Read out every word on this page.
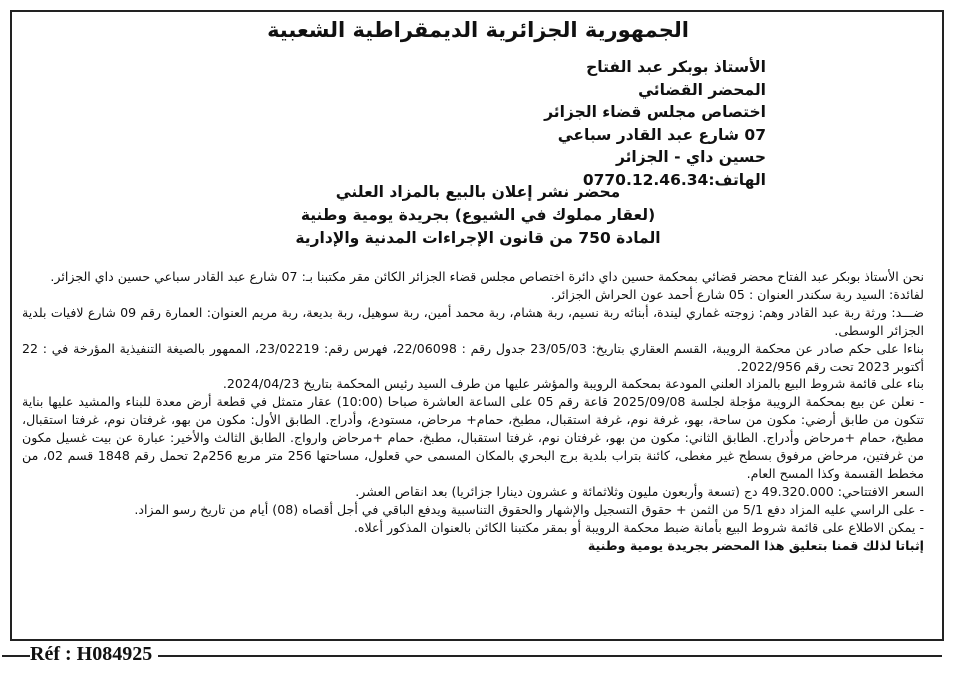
الجمهورية الجزائرية الديمقراطية الشعبية
الأستاذ بوبكر عبد الفتاح
المحضر القضائي
اختصاص مجلس قضاء الجزائر
07 شارع عبد القادر سباعي
حسين داي - الجزائر
الهاتف:0770.12.46.34
محضر نشر إعلان بالبيع بالمزاد العلني
(لعقار مملوك في الشيوع) بجريدة يومية وطنية
المادة 750 من قانون الإجراءات المدنية والإدارية

نحن الأستاذ بوبكر عبد الفتاح محضر قضائي بمحكمة حسين داي دائرة اختصاص مجلس قضاء الجزائر الكائن مقر مكتبنا بـ: 07 شارع عبد القادر سباعي حسين داي الجزائر.

لفائدة: السيد ربة سكندر العنوان : 05 شارع أحمد عون الحراش الجزائر.

ضـــد: ورثة ربة عبد القادر وهم: زوجته غماري ليندة، أبنائه ربة نسيم، ربة هشام، ربة محمد أمين، ربة سوهيل، ربة بديعة، ربة مريم العنوان: العمارة رقم 09 شارع لافيات بلدية الجزائر الوسطى.

بناءا على حكم صادر عن محكمة الرويبة، القسم العقاري بتاريخ: 23/05/03 جدول رقم : 22/06098، فهرس رقم: 23/02219، الممهور بالصيغة التنفيذية المؤرخة في : 22 أكتوبر 2023 تحت رقم 2022/956.

بناء على قائمة شروط البيع بالمزاد العلني المودعة بمحكمة الرويبة والمؤشر عليها من طرف السيد رئيس المحكمة بتاريخ 2024/04/23.

- نعلن عن بيع بمحكمة الرويبة مؤجلة لجلسة 2025/09/08 قاعة رقم 05 على الساعة العاشرة صباحا (10:00) عقار متمثل في قطعة أرض معدة للبناء والمشيد عليها بناية تتكون من طابق أرضي: مكون من ساحة، بهو، غرفة نوم، غرفة استقبال، مطبخ، حمام+ مرحاض، مستودع، وأدراج. الطابق الأول: مكون من بهو، غرفتان نوم، غرفتا استقبال، مطبخ، حمام +مرحاض وأدراج. الطابق الثاني: مكون من بهو، غرفتان نوم، غرفتا استقبال، مطبخ، حمام +مرحاض وارواج. الطابق الثالث والأخير: عبارة عن بيت غسيل مكون من غرفتين، مرحاض مرفوق بسطح غير مغطى، كائنة بتراب بلدية برج البحري بالمكان المسمى حي قعلول، مساحتها 256 متر مربع 256م2 تحمل رقم 1848 قسم 02، من مخطط القسمة وكذا المسح العام.

السعر الافتتاحي: 49.320.000 دج (تسعة وأربعون مليون وثلاثمائة و عشرون دينارا جزائريا) بعد انقاص العشر.

- على الراسي عليه المزاد دفع 5/1 من الثمن + حقوق التسجيل والإشهار والحقوق التناسبية ويدفع الباقي في أجل أقصاه (08) أيام من تاريخ رسو المزاد.

- يمكن الاطلاع على قائمة شروط البيع بأمانة ضبط محكمة الرويبة أو بمقر مكتبنا الكائن بالعنوان المذكور أعلاه.

إثباتا لذلك قمنا بتعليق هذا المحضر بجريدة يومية وطنية

Réf : H084925
